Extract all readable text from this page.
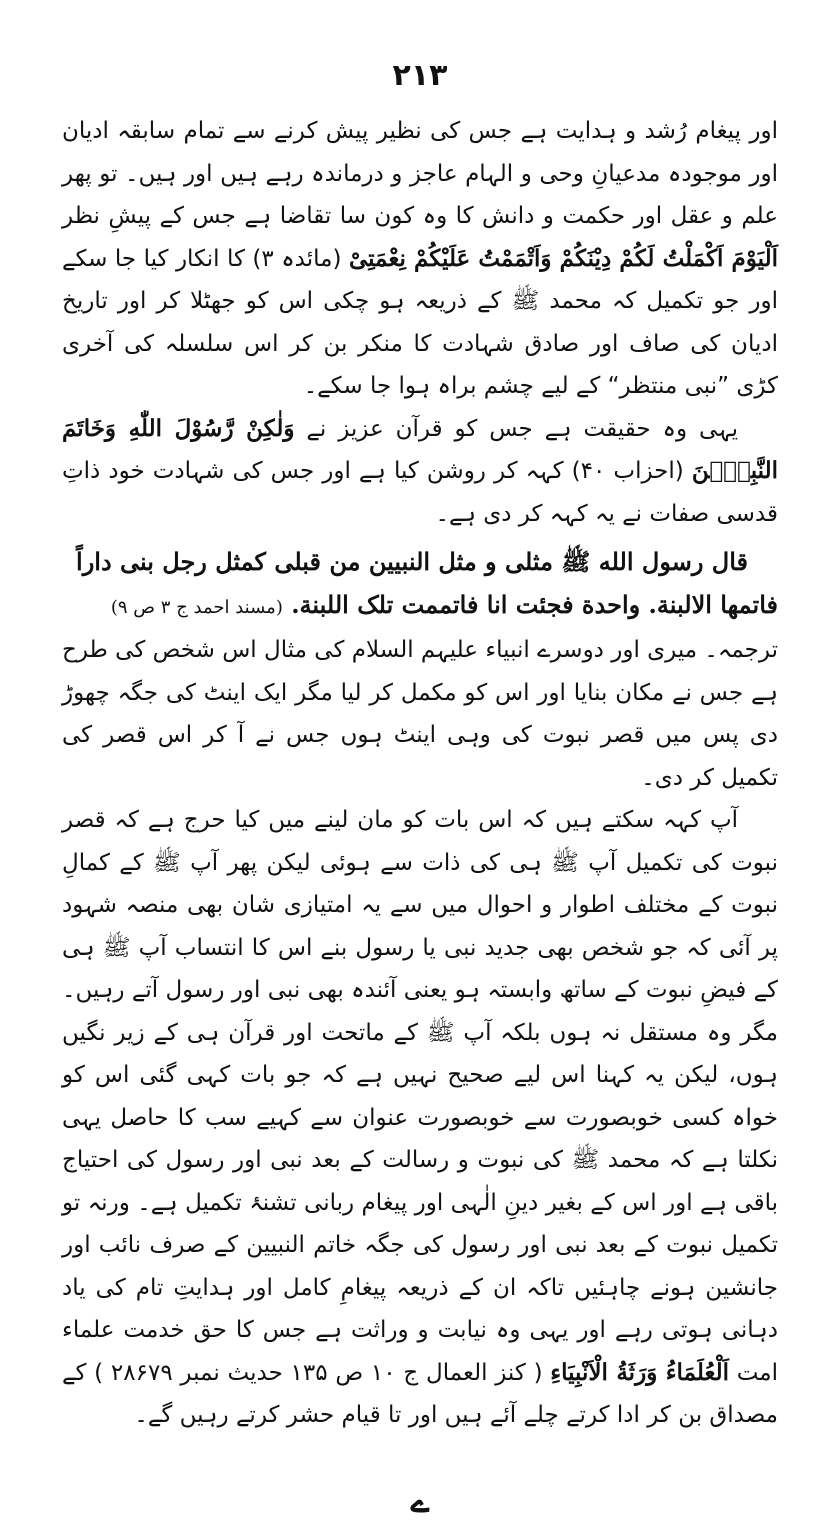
۲۱۳

اور پیغام رُشد و ہدایت ہے جس کی نظیر پیش کرنے سے تمام سابقہ ادیان اور موجودہ مدعیانِ وحی و الہام عاجز و درماندہ رہے ہیں اور ہیں۔ تو پھر علم و عقل اور حکمت و دانش کا وہ کون سا تقاضا ہے جس کے پیشِ نظر اَلْیَوْمَ اَکْمَلْتُ لَکُمْ دِیْنَکُمْ وَاَتْمَمْتُ عَلَیْکُمْ نِعْمَتِیْ (مائدہ ۳) کا انکار کیا جا سکے اور جو تکمیل کہ محمد ﷺ کے ذریعہ ہو چکی اس کو جھٹلا کر اور تاریخ ادیان کی صاف اور صادق شہادت کا منکر بن کر اس سلسلہ کی آخری کڑی ”نبی منتظر“ کے لیے چشم براہ ہوا جا سکے۔

یہی وہ حقیقت ہے جس کو قرآن عزیز نے وَلٰکِنْ رَّسُوْلَ اللّٰهِ وَخَاتَمَ النَّبِیّٖنَ (احزاب ۴۰) کہہ کر روشن کیا ہے اور جس کی شہادت خود ذاتِ قدسی صفات نے یہ کہہ کر دی ہے۔

قال رسول الله ﷺ مثلی و مثل النبیین من قبلی کمثل رجل بنی داراً
فاتمها الالبنة. واحدة فجئت انا فاتممت تلک اللبنة. (مسند احمد ج ۳ ص ۹)

ترجمہ۔ میری اور دوسرے انبیاء علیہم السلام کی مثال اس شخص کی طرح ہے جس نے مکان بنایا اور اس کو مکمل کر لیا مگر ایک اینٹ کی جگہ چھوڑ دی پس میں قصر نبوت کی وہی اینٹ ہوں جس نے آ کر اس قصر کی تکمیل کر دی۔

آپ کہہ سکتے ہیں کہ اس بات کو مان لینے میں کیا حرج ہے کہ قصر نبوت کی تکمیل آپ ﷺ ہی کی ذات سے ہوئی لیکن پھر آپ ﷺ کے کمالِ نبوت کے مختلف اطوار و احوال میں سے یہ امتیازی شان بھی منصہ شہود پر آئی کہ جو شخص بھی جدید نبی یا رسول بنے اس کا انتساب آپ ﷺ ہی کے فیضِ نبوت کے ساتھ وابستہ ہو یعنی آئندہ بھی نبی اور رسول آتے رہیں۔ مگر وہ مستقل نہ ہوں بلکہ آپ ﷺ کے ماتحت اور قرآن ہی کے زیر نگیں ہوں، لیکن یہ کہنا اس لیے صحیح نہیں ہے کہ جو بات کہی گئی اس کو خواہ کسی خوبصورت سے خوبصورت عنوان سے کہیے سب کا حاصل یہی نکلتا ہے کہ محمد ﷺ کی نبوت و رسالت کے بعد نبی اور رسول کی احتیاج باقی ہے اور اس کے بغیر دینِ الٰہی اور پیغام ربانی تشنۂ تکمیل ہے۔ ورنہ تو تکمیل نبوت کے بعد نبی اور رسول کی جگہ خاتم النبیین کے صرف نائب اور جانشین ہونے چاہئیں تاکہ ان کے ذریعہ پیغامِ کامل اور ہدایتِ تام کی یاد دہانی ہوتی رہے اور یہی وہ نیابت و وراثت ہے جس کا حق خدمت علماء امت اَلْعُلَمَاءُ وَرَثَةُ الْاَنْبِیَاءِ ( کنز العمال ج ۱۰ ص ۱۳۵ حدیث نمبر ۲۸۶۷۹ ) کے مصداق بن کر ادا کرتے چلے آئے ہیں اور تا قیام حشر کرتے رہیں گے۔

ے
